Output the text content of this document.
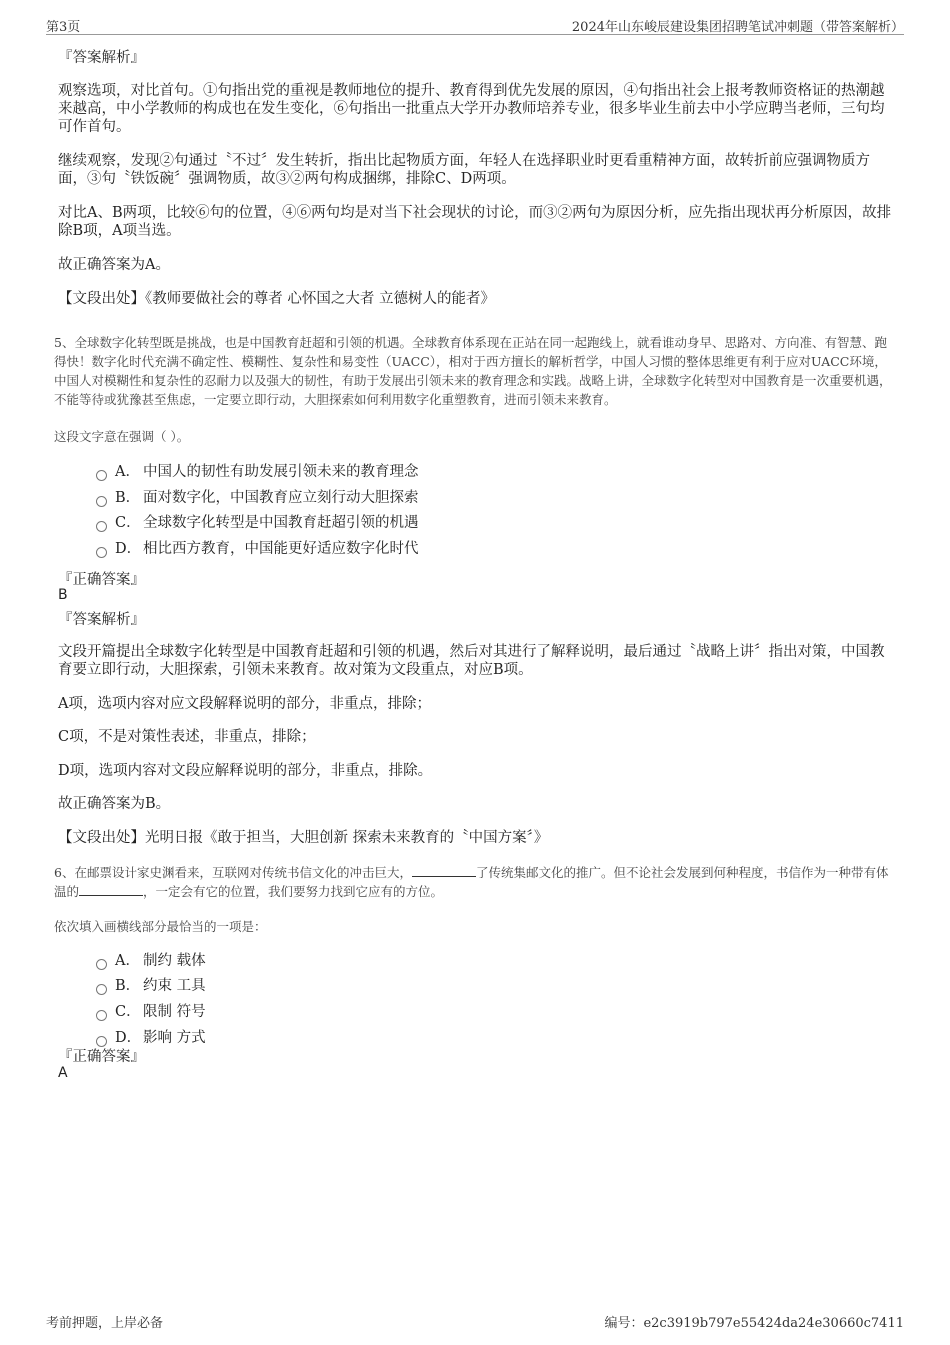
第3页	2024年山东峻辰建设集团招聘笔试冲刺题（带答案解析）
『答案解析』
观察选项，对比首句。①句指出党的重视是教师地位的提升、教育得到优先发展的原因，④句指出社会上报考教师资格证的热潮越来越高，中小学教师的构成也在发生变化，⑥句指出一批重点大学开办教师培养专业，很多毕业生前去中小学应聘当老师，三句均可作首句。
继续观察，发现②句通过〝不过〞发生转折，指出比起物质方面，年轻人在选择职业时更看重精神方面，故转折前应强调物质方面，③句〝铁饭碗〞强调物质，故③②两句构成捆绑，排除C、D两项。
对比A、B两项，比较⑥句的位置，④⑥两句均是对当下社会现状的讨论，而③②两句为原因分析，应先指出现状再分析原因，故排除B项，A项当选。
故正确答案为A。
【文段出处】《教师要做社会的尊者 心怀国之大者 立德树人的能者》
5、全球数字化转型既是挑战，也是中国教育赶超和引领的机遇。全球教育体系现在正站在同一起跑线上，就看谁动身早、思路对、方向准、有智慧、跑得快！数字化时代充满不确定性、模糊性、复杂性和易变性（UACC），相对于西方擅长的解析哲学，中国人习惯的整体思维更有利于应对UACC环境，中国人对模糊性和复杂性的忍耐力以及强大的韧性，有助于发展出引领未来的教育理念和实践。战略上讲，全球数字化转型对中国教育是一次重要机遇，不能等待或犹豫甚至焦虑，一定要立即行动，大胆探索如何利用数字化重塑教育，进而引领未来教育。
这段文字意在强调（ ）。
A． 中国人的韧性有助发展引领未来的教育理念
B． 面对数字化，中国教育应立刻行动大胆探索
C． 全球数字化转型是中国教育赶超引领的机遇
D． 相比西方教育，中国能更好适应数字化时代
『正确答案』
B
『答案解析』
文段开篇提出全球数字化转型是中国教育赶超和引领的机遇，然后对其进行了解释说明，最后通过〝战略上讲〞指出对策，中国教育要立即行动，大胆探索，引领未来教育。故对策为文段重点，对应B项。
A项，选项内容对应文段解释说明的部分，非重点，排除；
C项，不是对策性表述，非重点，排除；
D项，选项内容对文段应解释说明的部分，非重点，排除。
故正确答案为B。
【文段出处】光明日报《敢于担当，大胆创新 探索未来教育的〝中国方案〞》
6、在邮票设计家史渊看来，互联网对传统书信文化的冲击巨大，	了传统集邮文化的推广。但不论社会发展到何种程度，书信作为一种带有体温的	，一定会有它的位置，我们要努力找到它应有的方位。
依次填入画横线部分最恰当的一项是：
A． 制约 载体
B． 约束 工具
C． 限制 符号
D． 影响 方式
『正确答案』
A
考前押题，上岸必备	编号：e2c3919b797e55424da24e30660c7411
